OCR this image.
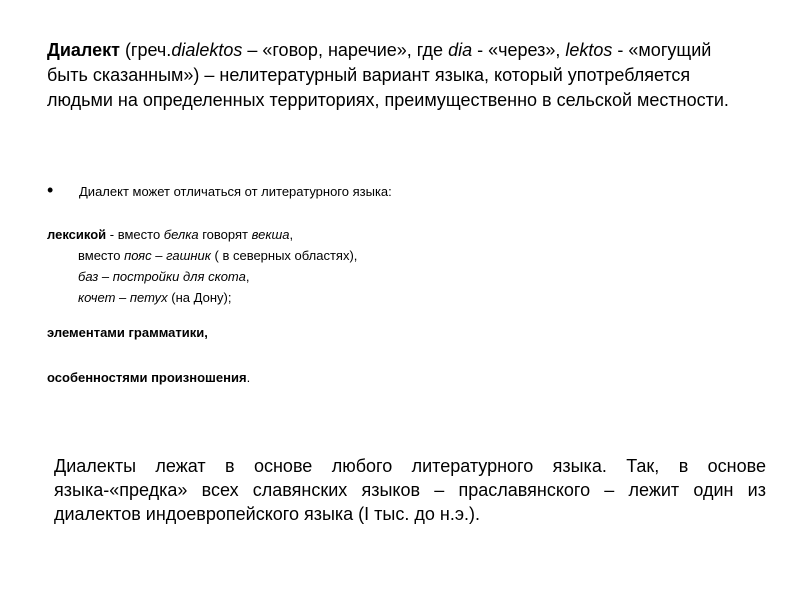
Диалект (греч.dialektos – «говор, наречие», где dia - «через», lektos - «могущий быть сказанным») – нелитературный вариант языка, который употребляется людьми на определенных территориях, преимущественно в сельской местности.

• Диалект может отличаться от литературного языка:
лексикой - вместо белка говорят векша,
вместо пояс – гашник ( в северных областях),
баз – постройки для скота,
кочет – петух (на Дону);

элементами грамматики,

особенностями произношения.

Диалекты лежат в основе любого литературного языка. Так, в основе языка-«предка» всех славянских языков – праславянского – лежит один из диалектов индоевропейского языка (I тыс. до н.э.).
